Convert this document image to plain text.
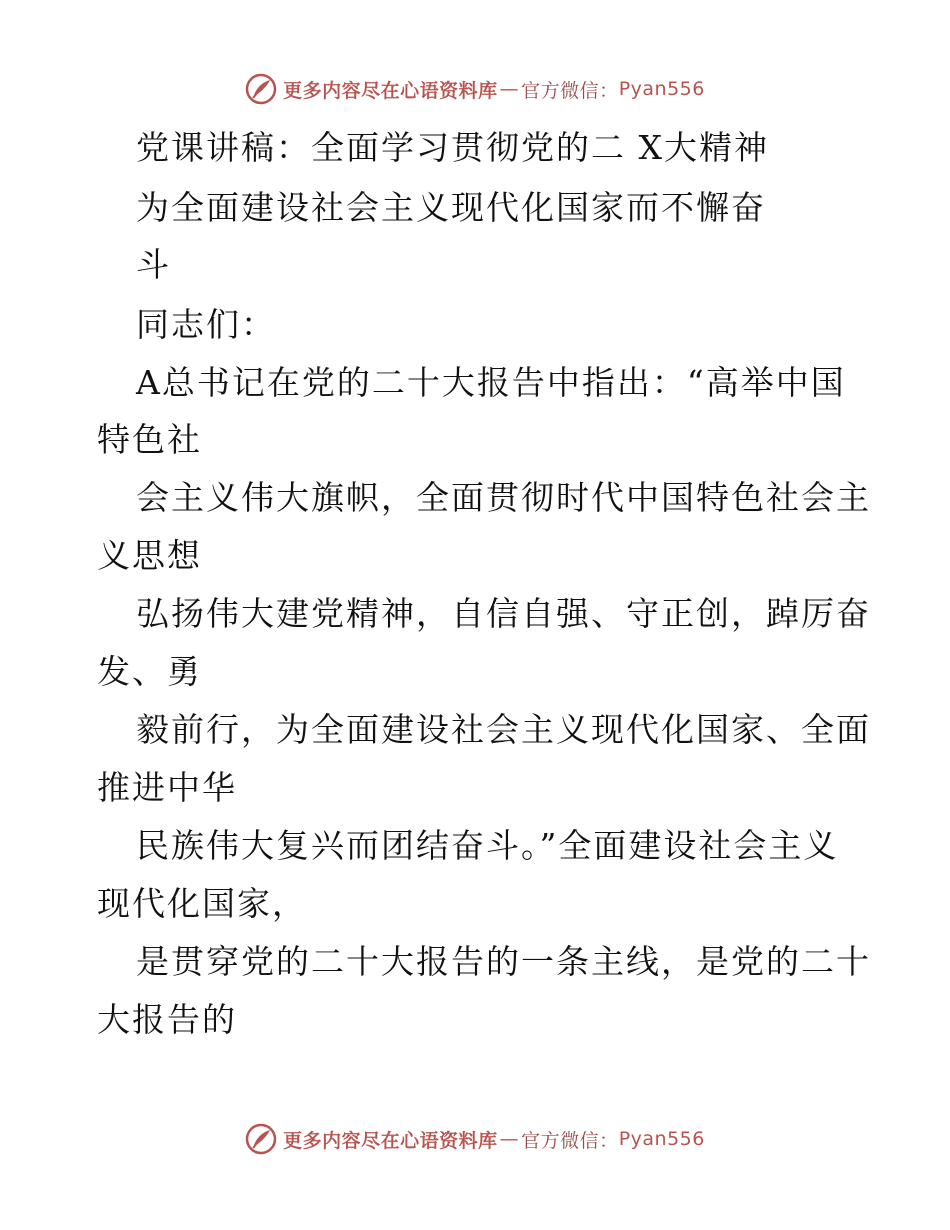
更多内容尽在心语资料库 — 官方微信： Pyan556
党课讲稿：全面学习贯彻党的二 X大精神
为全面建设社会主义现代化国家而不懈奋
斗
同志们：
A总书记在党的二十大报告中指出：“高举中国
特色社
会主义伟大旗帜，全面贯彻时代中国特色社会主
义思想
弘扬伟大建党精神，自信自强、守正创，踔厉奋
发、勇
毅前行，为全面建设社会主义现代化国家、全面
推进中华
民族伟大复兴而团结奋斗。”全面建设社会主义
现代化国家，
是贯穿党的二十大报告的一条主线，是党的二十
大报告的
更多内容尽在心语资料库 — 官方微信： Pyan556
